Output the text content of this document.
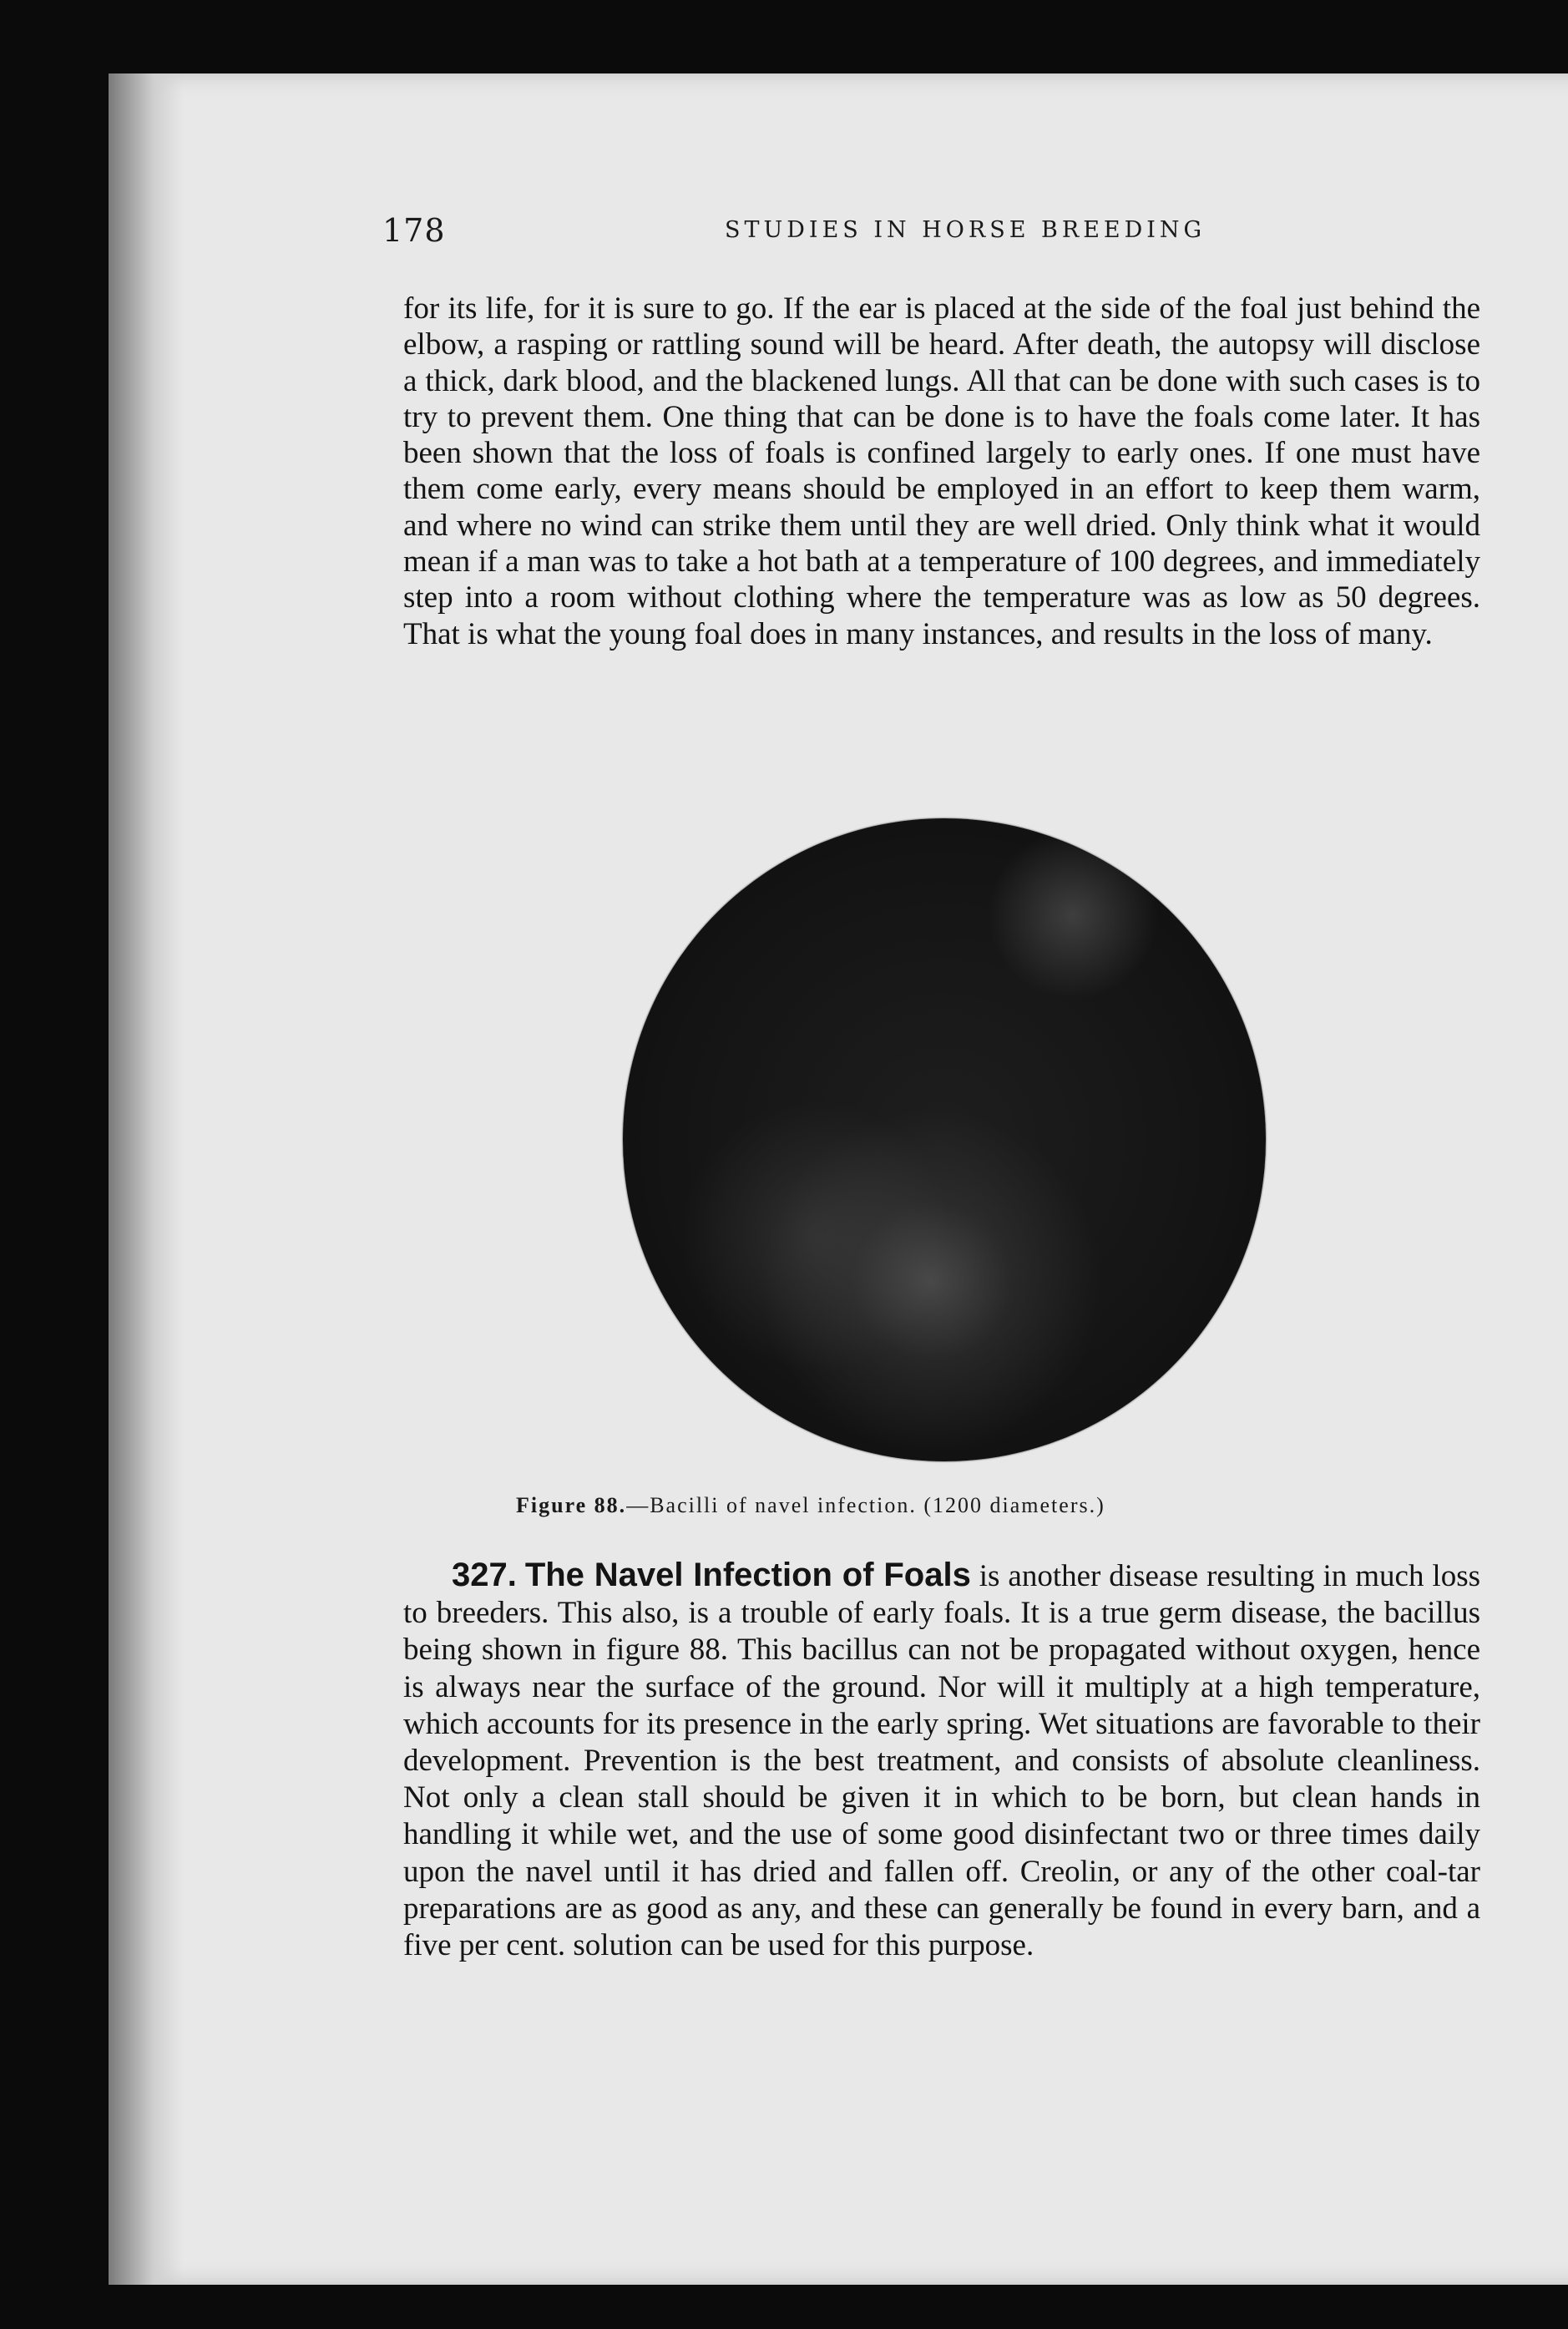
178	STUDIES IN HORSE BREEDING

for its life, for it is sure to go. If the ear is placed at the side of the foal just behind the elbow, a rasping or rattling sound will be heard. After death, the autopsy will disclose a thick, dark blood, and the blackened lungs. All that can be done with such cases is to try to prevent them. One thing that can be done is to have the foals come later. It has been shown that the loss of foals is confined largely to early ones. If one must have them come early, every means should be employed in an effort to keep them warm, and where no wind can strike them until they are well dried. Only think what it would mean if a man was to take a hot bath at a temperature of 100 degrees, and immediately step into a room without clothing where the temperature was as low as 50 degrees. That is what the young foal does in many instances, and results in the loss of many.

Figure 88.—Bacilli of navel infection. (1200 diameters.)

327. The Navel Infection of Foals is another disease resulting in much loss to breeders. This also, is a trouble of early foals. It is a true germ disease, the bacillus being shown in figure 88. This bacillus can not be propagated without oxygen, hence is always near the surface of the ground. Nor will it multiply at a high temperature, which accounts for its presence in the early spring. Wet situations are favorable to their development. Prevention is the best treatment, and consists of absolute cleanliness. Not only a clean stall should be given it in which to be born, but clean hands in handling it while wet, and the use of some good disinfectant two or three times daily upon the navel until it has dried and fallen off. Creolin, or any of the other coal-tar preparations are as good as any, and these can generally be found in every barn, and a five per cent. solution can be used for this purpose.
